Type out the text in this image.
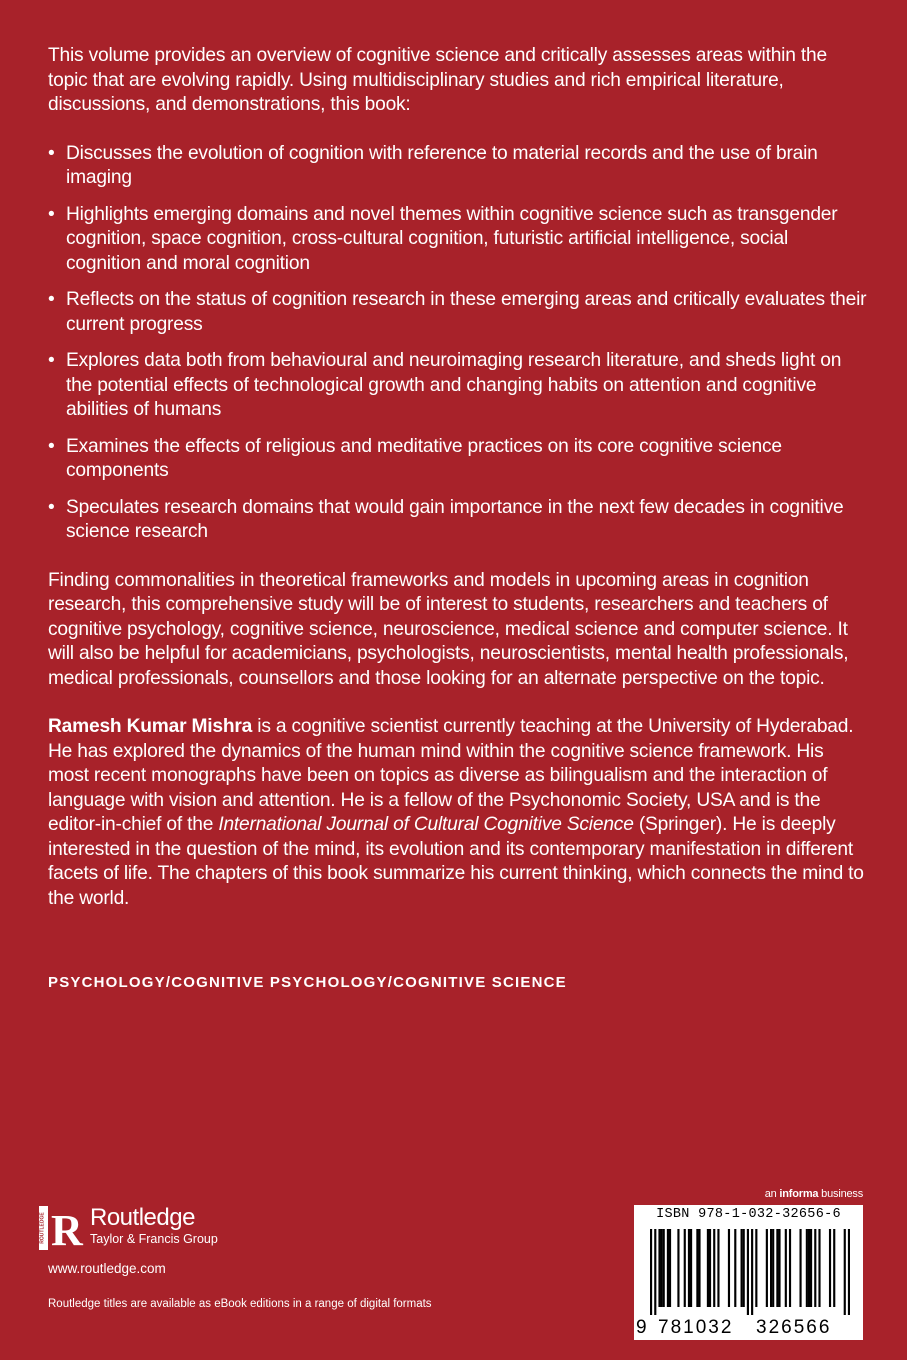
This volume provides an overview of cognitive science and critically assesses areas within the topic that are evolving rapidly. Using multidisciplinary studies and rich empirical literature, discussions, and demonstrations, this book:

• Discusses the evolution of cognition with reference to material records and the use of brain imaging
• Highlights emerging domains and novel themes within cognitive science such as transgender cognition, space cognition, cross-cultural cognition, futuristic artificial intelligence, social cognition and moral cognition
• Reflects on the status of cognition research in these emerging areas and critically evaluates their current progress
• Explores data both from behavioural and neuroimaging research literature, and sheds light on the potential effects of technological growth and changing habits on attention and cognitive abilities of humans
• Examines the effects of religious and meditative practices on its core cognitive science components
• Speculates research domains that would gain importance in the next few decades in cognitive science research

Finding commonalities in theoretical frameworks and models in upcoming areas in cognition research, this comprehensive study will be of interest to students, researchers and teachers of cognitive psychology, cognitive science, neuroscience, medical science and computer science. It will also be helpful for academicians, psychologists, neuroscientists, mental health professionals, medical professionals, counsellors and those looking for an alternate perspective on the topic.

Ramesh Kumar Mishra is a cognitive scientist currently teaching at the University of Hyderabad. He has explored the dynamics of the human mind within the cognitive science framework. His most recent monographs have been on topics as diverse as bilingualism and the interaction of language with vision and attention. He is a fellow of the Psychonomic Society, USA and is the editor-in-chief of the International Journal of Cultural Cognitive Science (Springer). He is deeply interested in the question of the mind, its evolution and its contemporary manifestation in different facets of life. The chapters of this book summarize his current thinking, which connects the mind to the world.

PSYCHOLOGY/COGNITIVE PSYCHOLOGY/COGNITIVE SCIENCE
ROUTLEDGE R Routledge
Taylor & Francis Group
www.routledge.com
Routledge titles are available as eBook editions in a range of digital formats
an informa business
ISBN 978-1-032-32656-6
9 781032 326566
